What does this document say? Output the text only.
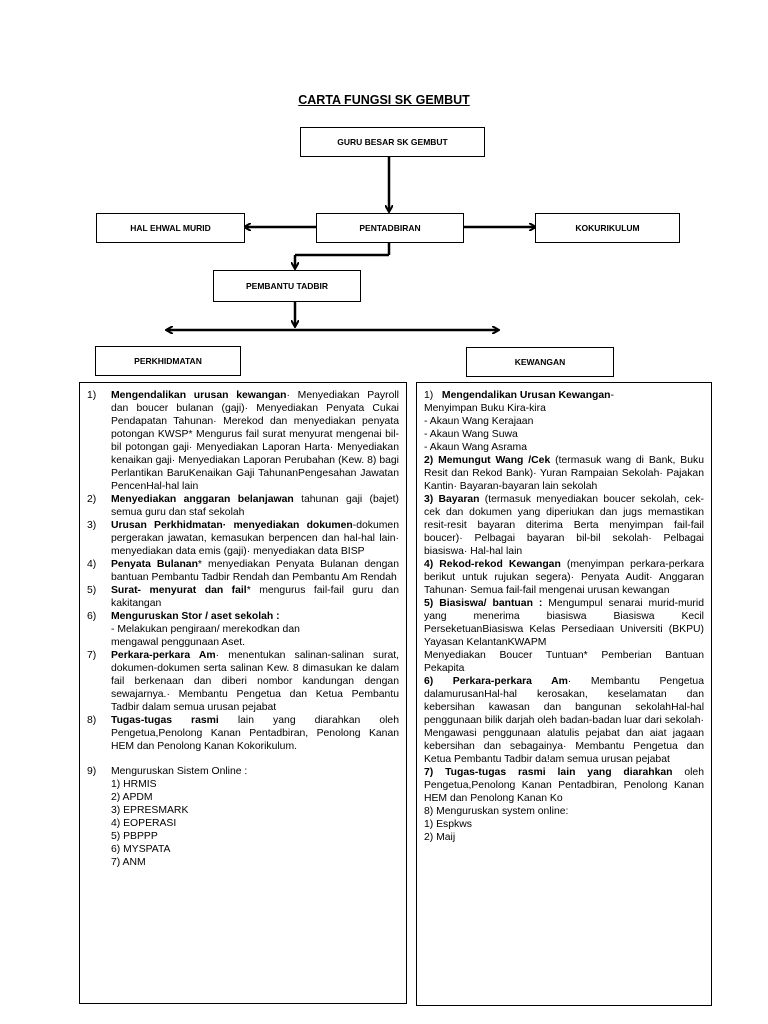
CARTA FUNGSI SK GEMBUT
GURU BESAR SK GEMBUT
HAL EHWAL MURID	PENTADBIRAN	KOKURIKULUM
PEMBANTU TADBIR
PERKHIDMATAN	KEWANGAN
1)	Mengendalikan urusan kewangan· Menyediakan Payroll dan boucer bulanan (gaji)· Menyediakan Penyata Cukai Pendapatan Tahunan· Merekod dan menyediakan penyata potongan KWSP* Mengurus fail surat menyurat mengenai bil-bil potongan gaji· Menyediakan Laporan Harta· Menyediakan kenaikan gaji· Menyediakan Laporan Perubahan (Kew. 8) bagi Perlantikan BaruKenaikan Gaji TahunanPengesahan Jawatan PencenHal-hal lain
2)	Menyediakan anggaran belanjawan tahunan gaji (bajet) semua guru dan staf sekolah
3)	Urusan Perkhidmatan· menyediakan dokumen-dokumen pergerakan jawatan, kemasukan berpencen dan hal-hal lain· menyediakan data emis (gaji)· menyediakan data BISP
4)	Penyata Bulanan* menyediakan Penyata Bulanan dengan bantuan Pembantu Tadbir Rendah dan Pembantu Am Rendah
5)	Surat- menyurat dan fail* mengurus fail-fail guru dan kakitangan
6)	Menguruskan Stor / aset sekolah :
- Melakukan pengiraan/ merekodkan dan
mengawal penggunaan Aset.
7)	Perkara-perkara Am· menentukan salinan-salinan surat, dokumen-dokumen serta salinan Kew. 8 dimasukan ke dalam fail berkenaan dan diberi nombor kandungan dengan sewajarnya.· Membantu Pengetua dan Ketua Pembantu Tadbir dalam semua urusan pejabat
8)	Tugas-tugas rasmi lain yang diarahkan oleh Pengetua,Penolong Kanan Pentadbiran, Penolong Kanan HEM dan Penolong Kanan Kokorikulum.
9)	Menguruskan Sistem Online :
1) HRMIS
2) APDM
3) EPRESMARK
4) EOPERASI
5) PBPPP
6) MYSPATA
7) ANM
1) Mengendalikan Urusan Kewangan-
Menyimpan Buku Kira-kira
- Akaun Wang Kerajaan
- Akaun Wang Suwa
- Akaun Wang Asrama
2) Memungut Wang /Cek (termasuk wang di Bank, Buku Resit dan Rekod Bank)· Yuran Rampaian Sekolah· Pajakan Kantin· Bayaran-bayaran lain sekolah
3) Bayaran (termasuk menyediakan boucer sekolah, cek-cek dan dokumen yang diperiukan dan jugs memastikan resit-resit bayaran diterima Berta menyimpan fail-fail boucer)· Pelbagai bayaran bil-bil sekolah· Pelbagai biasiswa· Hal-hal lain
4) Rekod-rekod Kewangan (menyimpan perkara-perkara berikut untuk rujukan segera)· Penyata Audit· Anggaran Tahunan· Semua fail-fail mengenai urusan kewangan
5) Biasiswa/ bantuan : Mengumpul senarai murid-murid yang menerima biasiswa Biasiswa Kecil PerseketuanBiasiswa Kelas Persediaan Universiti (BKPU) Yayasan KelantanKWAPM
Menyediakan Boucer Tuntuan* Pemberian Bantuan Pekapita
6) Perkara-perkara Am· Membantu Pengetua dalamurusanHal-hal kerosakan, keselamatan dan kebersihan kawasan dan bangunan sekolahHal-hal penggunaan bilik darjah oleh badan-badan luar dari sekolah· Mengawasi penggunaan alatulis pejabat dan aiat jagaan kebersihan dan sebagainya· Membantu Pengetua dan Ketua Pembantu Tadbir da!am semua urusan pejabat
7) Tugas-tugas rasmi lain yang diarahkan oleh Pengetua,Penolong Kanan Pentadbiran, Penolong Kanan HEM dan Penolong Kanan Ko
8) Menguruskan system online:
1) Espkws
2) Maij
